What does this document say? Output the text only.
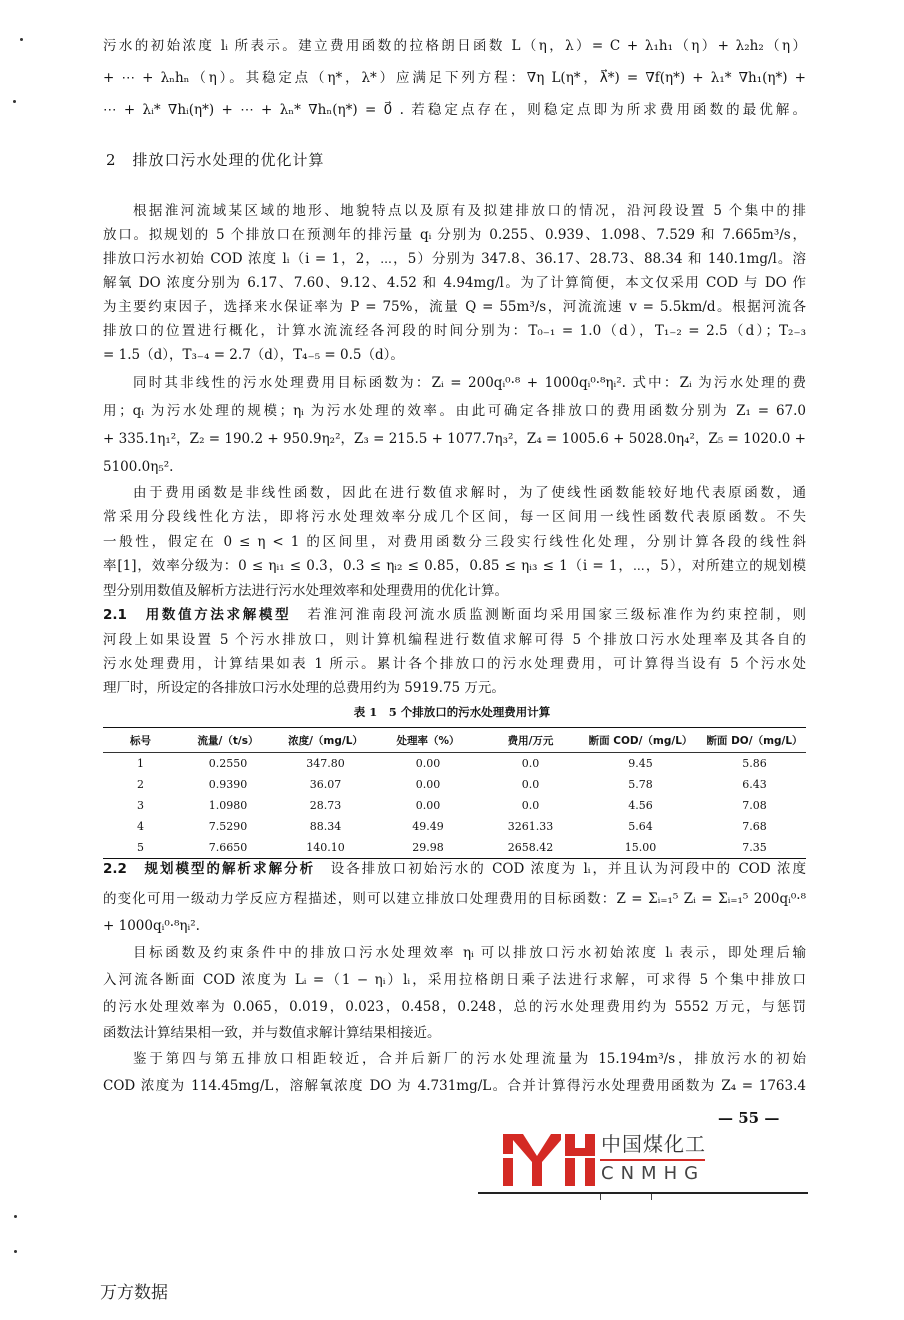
污水的初始浓度 lᵢ 所表示。建立费用函数的拉格朗日函数 L（η，λ）= C + λ₁h₁（η）+ λ₂h₂（η）
+ ⋯ + λₙhₙ（η）。其稳定点（η*，λ*）应满足下列方程：∇η L(η*，λ⃗*) = ∇f(η*) + λ₁* ∇h₁(η*) +
⋯ + λᵢ* ∇hᵢ(η*) + ⋯ + λₙ* ∇hₙ(η*) = 0⃗ . 若稳定点存在，则稳定点即为所求费用函数的最优解。
2　排放口污水处理的优化计算
根据淮河流域某区域的地形、地貌特点以及原有及拟建排放口的情况，沿河段设置 5 个集中的排
放口。拟规划的 5 个排放口在预测年的排污量 qᵢ 分别为 0.255、0.939、1.098、7.529 和 7.665m³/s，
排放口污水初始 COD 浓度 lᵢ（i = 1，2，⋯，5）分别为 347.8、36.17、28.73、88.34 和 140.1mg/l。溶
解氧 DO 浓度分别为 6.17、7.60、9.12、4.52 和 4.94mg/l。为了计算简便，本文仅采用 COD 与 DO 作
为主要约束因子，选择来水保证率为 P = 75%，流量 Q = 55m³/s，河流流速 v = 5.5km/d。根据河流各
排放口的位置进行概化，计算水流流经各河段的时间分别为：T₀₋₁ = 1.0（d），T₁₋₂ = 2.5（d）；T₂₋₃
= 1.5（d），T₃₋₄ = 2.7（d），T₄₋₅ = 0.5（d）。
同时其非线性的污水处理费用目标函数为：Zᵢ = 200qᵢ⁰·⁸ + 1000qᵢ⁰·⁸ηᵢ². 式中：Zᵢ 为污水处理的费
用；qᵢ 为污水处理的规模；ηᵢ 为污水处理的效率。由此可确定各排放口的费用函数分别为 Z₁ = 67.0
+ 335.1η₁²，Z₂ = 190.2 + 950.9η₂²，Z₃ = 215.5 + 1077.7η₃²，Z₄ = 1005.6 + 5028.0η₄²，Z₅ = 1020.0 +
5100.0η₅².
由于费用函数是非线性函数，因此在进行数值求解时，为了使线性函数能较好地代表原函数，通
常采用分段线性化方法，即将污水处理效率分成几个区间，每一区间用一线性函数代表原函数。不失
一般性，假定在 0 ≤ η < 1 的区间里，对费用函数分三段实行线性化处理，分别计算各段的线性斜
率[1]，效率分级为：0 ≤ ηᵢ₁ ≤ 0.3，0.3 ≤ ηᵢ₂ ≤ 0.85，0.85 ≤ ηᵢ₃ ≤ 1（i = 1，⋯，5），对所建立的规划模
型分别用数值及解析方法进行污水处理效率和处理费用的优化计算。
2.1　用数值方法求解模型　若淮河淮南段河流水质监测断面均采用国家三级标准作为约束控制，则
河段上如果设置 5 个污水排放口，则计算机编程进行数值求解可得 5 个排放口污水处理率及其各自的
污水处理费用，计算结果如表 1 所示。累计各个排放口的污水处理费用，可计算得当设有 5 个污水处
理厂时，所设定的各排放口污水处理的总费用约为 5919.75 万元。
表 1　5 个排放口的污水处理费用计算
标号	流量/（t/s）	浓度/（mg/L）	处理率（%）	费用/万元	断面 COD/（mg/L）	断面 DO/（mg/L）
1	0.2550	347.80	0.00	0.0	9.45	5.86
2	0.9390	36.07	0.00	0.0	5.78	6.43
3	1.0980	28.73	0.00	0.0	4.56	7.08
4	7.5290	88.34	49.49	3261.33	5.64	7.68
5	7.6650	140.10	29.98	2658.42	15.00	7.35
2.2　规划模型的解析求解分析　设各排放口初始污水的 COD 浓度为 lᵢ，并且认为河段中的 COD 浓度
的变化可用一级动力学反应方程描述，则可以建立排放口处理费用的目标函数：Z = Σᵢ₌₁⁵ Zᵢ = Σᵢ₌₁⁵ 200qᵢ⁰·⁸
+ 1000qᵢ⁰·⁸ηᵢ².
目标函数及约束条件中的排放口污水处理效率 ηᵢ 可以排放口污水初始浓度 lᵢ 表示，即处理后输
入河流各断面 COD 浓度为 Lᵢ =（1 − ηᵢ）lᵢ，采用拉格朗日乘子法进行求解，可求得 5 个集中排放口
的污水处理效率为 0.065，0.019，0.023，0.458，0.248，总的污水处理费用约为 5552 万元，与惩罚
函数法计算结果相一致，并与数值求解计算结果相接近。
鉴于第四与第五排放口相距较近，合并后新厂的污水处理流量为 15.194m³/s，排放污水的初始
COD 浓度为 114.45mg/L，溶解氧浓度 DO 为 4.731mg/L。合并计算得污水处理费用函数为 Z₄ = 1763.4
— 55 —
中国煤化工
CNMHG
万方数据
